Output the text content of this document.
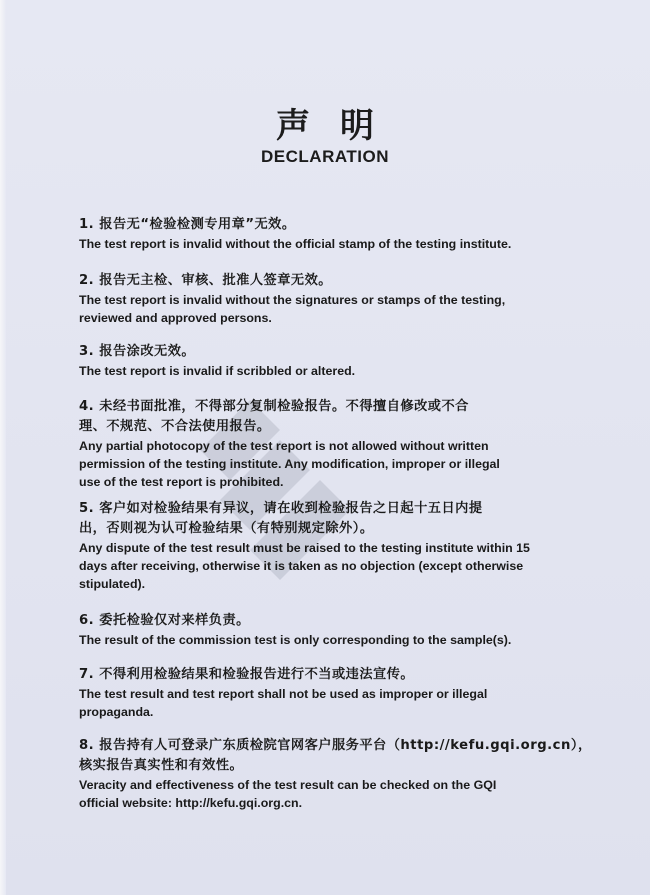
声明
DECLARATION
1. 报告无“检验检测专用章”无效。
The test report is invalid without the official stamp of the testing institute.
2. 报告无主检、审核、批准人签章无效。
The test report is invalid without the signatures or stamps of the testing,
reviewed and approved persons.
3. 报告涂改无效。
The test report is invalid if scribbled or altered.
4. 未经书面批准，不得部分复制检验报告。不得擅自修改或不合
理、不规范、不合法使用报告。
Any partial photocopy of the test report is not allowed without written
permission of the testing institute. Any modification, improper or illegal
use of the test report is prohibited.
5. 客户如对检验结果有异议，请在收到检验报告之日起十五日内提
出，否则视为认可检验结果（有特别规定除外）。
Any dispute of the test result must be raised to the testing institute within 15
days after receiving, otherwise it is taken as no objection (except otherwise
stipulated).
6. 委托检验仅对来样负责。
The result of the commission test is only corresponding to the sample(s).
7. 不得利用检验结果和检验报告进行不当或违法宣传。
The test result and test report shall not be used as improper or illegal
propaganda.
8. 报告持有人可登录广东质检院官网客户服务平台（http://kefu.gqi.org.cn），
核实报告真实性和有效性。
Veracity and effectiveness of the test result can be checked on the GQI
official website: http://kefu.gqi.org.cn.
